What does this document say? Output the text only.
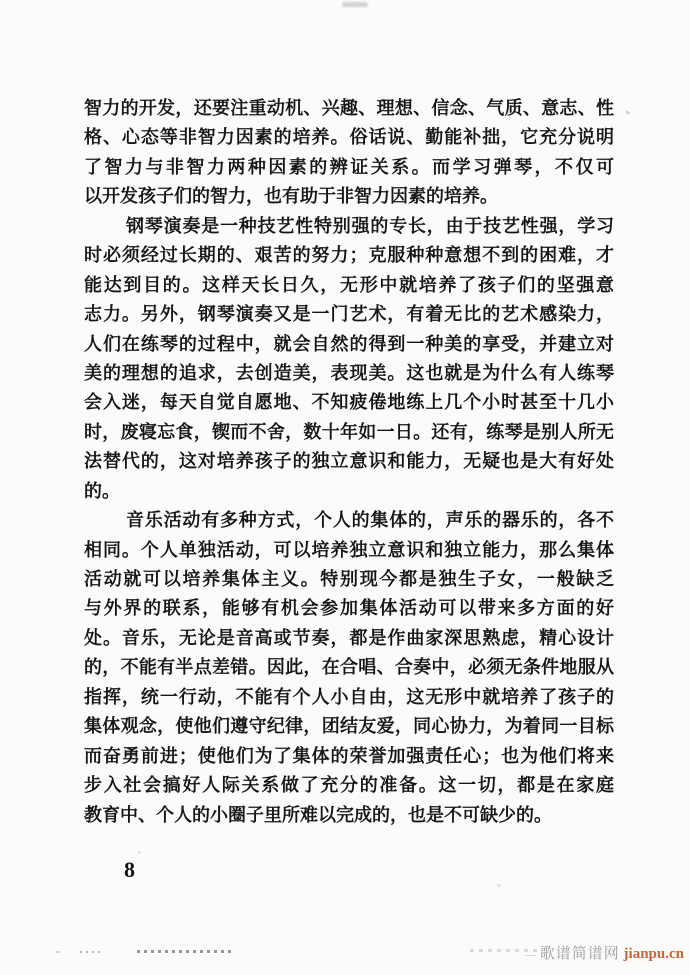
智力的开发，还要注重动机、兴趣、理想、信念、气质、意志、性
格、心态等非智力因素的培养。俗话说、勤能补拙，它充分说明
了智力与非智力两种因素的辨证关系。而学习弹琴，不仅可
以开发孩子们的智力，也有助于非智力因素的培养。
钢琴演奏是一种技艺性特别强的专长，由于技艺性强，学习
时必须经过长期的、艰苦的努力；克服种种意想不到的困难，才
能达到目的。这样天长日久，无形中就培养了孩子们的坚强意
志力。另外，钢琴演奏又是一门艺术，有着无比的艺术感染力，
人们在练琴的过程中，就会自然的得到一种美的享受，并建立对
美的理想的追求，去创造美，表现美。这也就是为什么有人练琴
会入迷，每天自觉自愿地、不知疲倦地练上几个小时甚至十几小
时，废寝忘食，锲而不舍，数十年如一日。还有，练琴是别人所无
法替代的，这对培养孩子的独立意识和能力，无疑也是大有好处
的。
音乐活动有多种方式，个人的集体的，声乐的器乐的，各不
相同。个人单独活动，可以培养独立意识和独立能力，那么集体
活动就可以培养集体主义。特别现今都是独生子女，一般缺乏
与外界的联系，能够有机会参加集体活动可以带来多方面的好
处。音乐，无论是音高或节奏，都是作曲家深思熟虑，精心设计
的，不能有半点差错。因此，在合唱、合奏中，必须无条件地服从
指挥，统一行动，不能有个人小自由，这无形中就培养了孩子的
集体观念，使他们遵守纪律，团结友爱，同心协力，为着同一目标
而奋勇前进；使他们为了集体的荣誉加强责任心；也为他们将来
步入社会搞好人际关系做了充分的准备。这一切，都是在家庭
教育中、个人的小圈子里所难以完成的，也是不可缺少的。
8
— 歌谱简谱网 jianpu.cn
